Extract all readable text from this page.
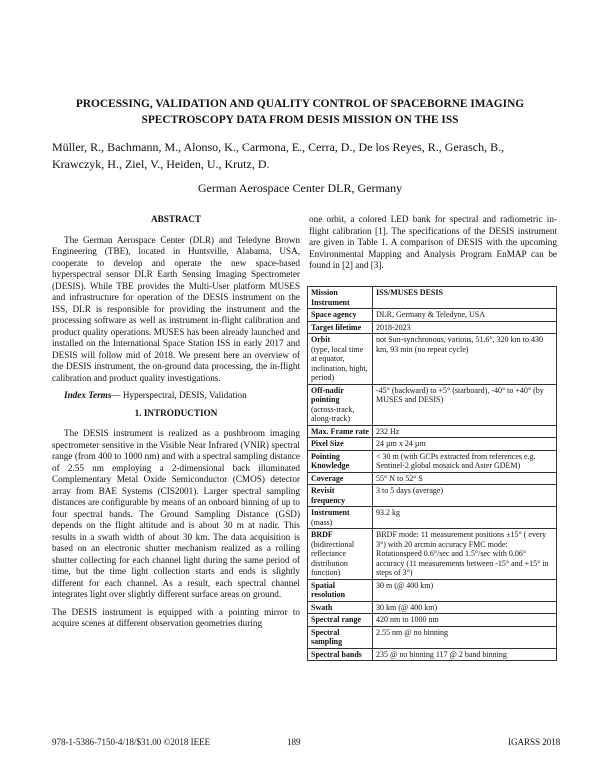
PROCESSING, VALIDATION AND QUALITY CONTROL OF SPACEBORNE IMAGING SPECTROSCOPY DATA FROM DESIS MISSION ON THE ISS
Müller, R., Bachmann, M., Alonso, K., Carmona, E., Cerra, D., De los Reyes, R., Gerasch, B., Krawczyk, H., Ziel, V., Heiden, U., Krutz, D.
German Aerospace Center DLR, Germany
ABSTRACT

The German Aerospace Center (DLR) and Teledyne Brown Engineering (TBE), located in Huntsville, Alabama, USA, cooperate to develop and operate the new space-based hyperspectral sensor DLR Earth Sensing Imaging Spectrometer (DESIS). While TBE provides the Multi-User platform MUSES and infrastructure for operation of the DESIS instrument on the ISS, DLR is responsible for providing the instrument and the processing software as well as instrument in-flight calibration and product quality operations. MUSES has been already launched and installed on the International Space Station ISS in early 2017 and DESIS will follow mid of 2018. We present here an overview of the DESIS instrument, the on-ground data processing, the in-flight calibration and product quality investigations.

Index Terms— Hyperspectral, DESIS, Validation

1. INTRODUCTION

The DESIS instrument is realized as a pushbroom imaging spectrometer sensitive in the Visible Near Infrared (VNIR) spectral range (from 400 to 1000 nm) and with a spectral sampling distance of 2.55 nm employing a 2-dimensional back illuminated Complementary Metal Oxide Semiconductor (CMOS) detector array from BAE Systems (CIS2001). Larger spectral sampling distances are configurable by means of an onboard binning of up to four spectral bands. The Ground Sampling Distance (GSD) depends on the flight altitude and is about 30 m at nadir. This results in a swath width of about 30 km. The data acquisition is based on an electronic shutter mechanism realized as a rolling shutter collecting for each channel light during the same period of time, but the time light collection starts and ends is slightly different for each channel. As a result, each spectral channel integrates light over slightly different surface areas on ground.

The DESIS instrument is equipped with a pointing mirror to acquire scenes at different observation geometries during

one orbit, a colored LED bank for spectral and radiometric in-flight calibration [1]. The specifications of the DESIS instrument are given in Table 1. A comparison of DESIS with the upcoming Environmental Mapping and Analysis Program EnMAP can be found in [2] and [3].

Mission Instrument	ISS/MUSES DESIS
Space agency	DLR, Germany & Teledyne, USA
Target lifetime	2018-2023
Orbit
(type, local time at equator, inclination, hight, period)	not Sun-synchronous, various, 51.6°, 320 km to 430 km, 93 min (no repeat cycle)
Off-nadir pointing
(across-track, along-track)	-45° (backward) to +5° (starboard), -40° to +40° (by MUSES and DESIS)
Max. Frame rate	232 Hz
Pixel Size	24 µm x 24 µm
Pointing Knowledge	< 30 m (with GCPs extracted from references e.g. Sentinel-2 global mosaick and Aster GDEM)
Coverage	55° N to 52° S
Revisit frequency	3 to 5 days (average)
Instrument
(mass)	93.2 kg
BRDF
(bidirectional reflectance distribution function)	BRDF mode: 11 measurement positions ±15° ( every 3°) with 20 arcmin accuracy FMC mode: Rotationspeed 0.6°/sec and 1.5°/sec with 0.06° accuracy (11 measurements between -15° and +15° in steps of 3°)
Spatial resolution	30 m (@ 400 km)
Swath	30 km (@ 400 km)
Spectral range	420 nm to 1000 nm
Spectral sampling	2.55 nm @ no binning
Spectral bands	235 @ no binning 117 @ 2 band binning
978-1-5386-7150-4/18/$31.00 ©2018 IEEE	189	IGARSS 2018
